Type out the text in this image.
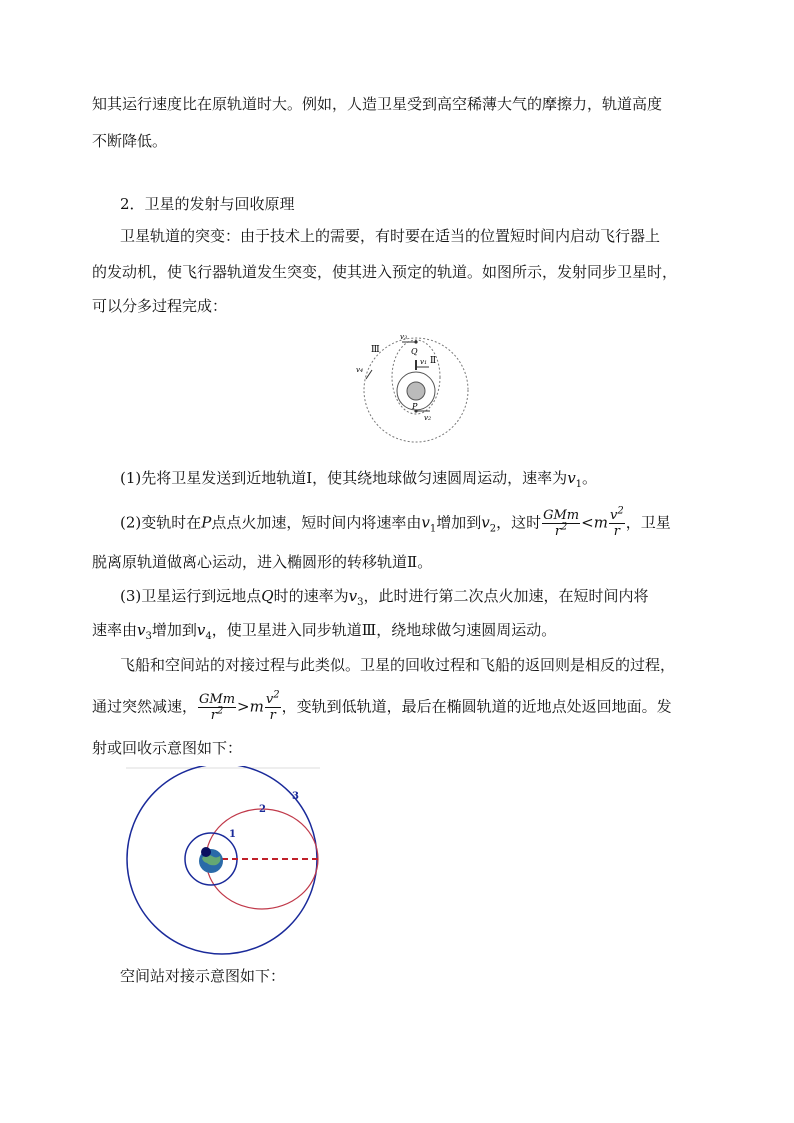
知其运行速度比在原轨道时大。例如，人造卫星受到高空稀薄大气的摩擦力，轨道高度
不断降低。
2．卫星的发射与回收原理
卫星轨道的突变：由于技术上的需要，有时要在适当的位置短时间内启动飞行器上
的发动机，使飞行器轨道发生突变，使其进入预定的轨道。如图所示，发射同步卫星时，
可以分多过程完成：
Ⅲ
Ⅱ
Q
P
v3
v4
v1
v2
(1)先将卫星发送到近地轨道Ⅰ，使其绕地球做匀速圆周运动，速率为$v_1$。
(2)变轨时在P点点火加速，短时间内将速率由$v_1$增加到$v_2$，这时 $\frac{\text{GMm}}{r^2} <m \frac{v^2}{r}$ ，卫星
脱离原轨道做离心运动，进入椭圆形的转移轨道Ⅱ。
(3)卫星运行到远地点Q时的速率为$v_3$，此时进行第二次点火加速，在短时间内将
速率由$v_3$增加到$v_4$，使卫星进入同步轨道Ⅲ，绕地球做匀速圆周运动。
飞船和空间站的对接过程与此类似。卫星的回收过程和飞船的返回则是相反的过程，
通过突然减速， $\frac{\text{GMm}}{r^2} >m \frac{v^2}{r}$ ，变轨到低轨道，最后在椭圆轨道的近地点处返回地面。发
射或回收示意图如下：
1
2
3
空间站对接示意图如下：
